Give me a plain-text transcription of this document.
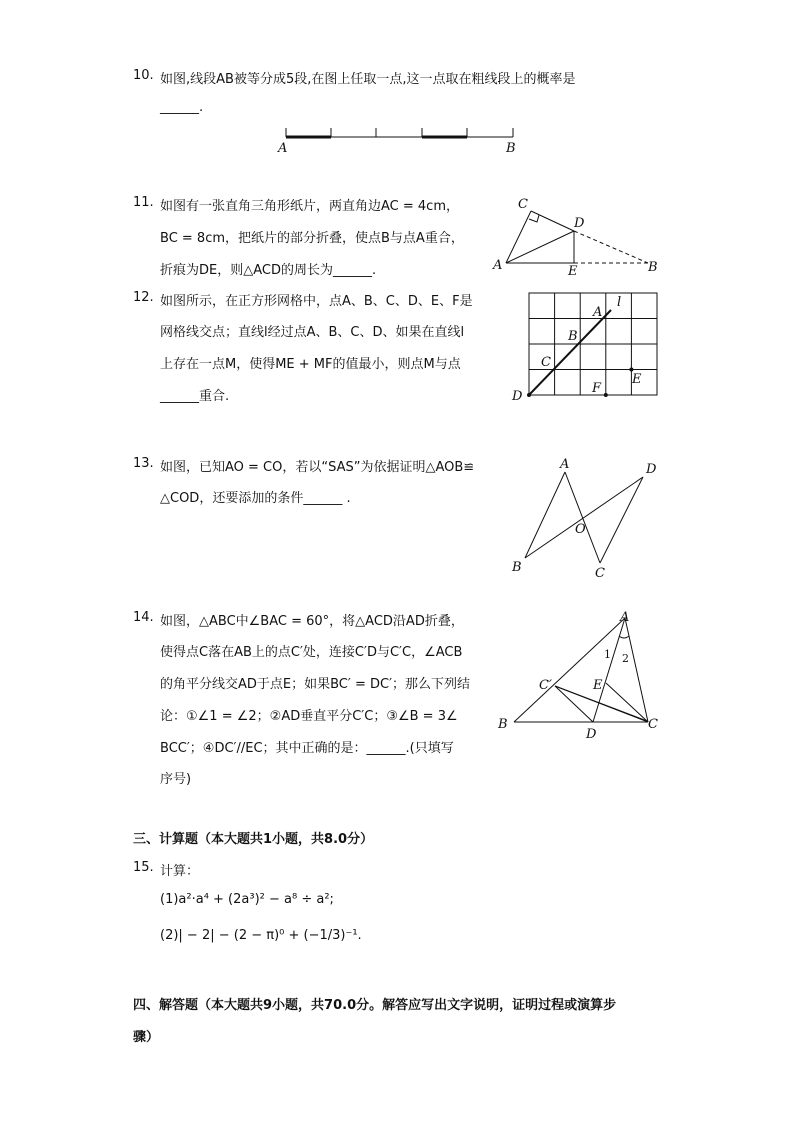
10. 如图,线段AB被等分成5段,在图上任取一点,这一点取在粗线段上的概率是
______.
A	B
11. 如图有一张直角三角形纸片，两直角边AC = 4cm，
BC = 8cm，把纸片的部分折叠，使点B与点A重合，
折痕为DE，则△ACD的周长为______.
C
D
A	E	B
12. 如图所示，在正方形网格中，点A、B、C、D、E、F是
网格线交点；直线l经过点A、B、C、D、如果在直线l
上存在一点M，使得ME + MF的值最小，则点M与点
______重合.
l
A
B
C
D
E
F
13. 如图，已知AO = CO，若以“SAS”为依据证明△AOB≌
△COD，还要添加的条件______ .
A	D
O
B	C
14. 如图，△ABC中∠BAC = 60°，将△ACD沿AD折叠，
使得点C落在AB上的点C′处，连接C′D与C′C，∠ACB
的角平分线交AD于点E；如果BC′ = DC′；那么下列结
论：①∠1 = ∠2；②AD垂直平分C′C；③∠B = 3∠
BCC′；④DC′//EC；其中正确的是：______.(只填写
序号)
A
1 2
C′	E
B
D
C
三、计算题（本大题共1小题，共8.0分）
15. 计算：
(1)a²·a⁴ + (2a³)² − a⁸ ÷ a²;
(2)| − 2| − (2 − π)⁰ + (−1/3)⁻¹.
四、解答题（本大题共9小题，共70.0分。解答应写出文字说明，证明过程或演算步
骤）
